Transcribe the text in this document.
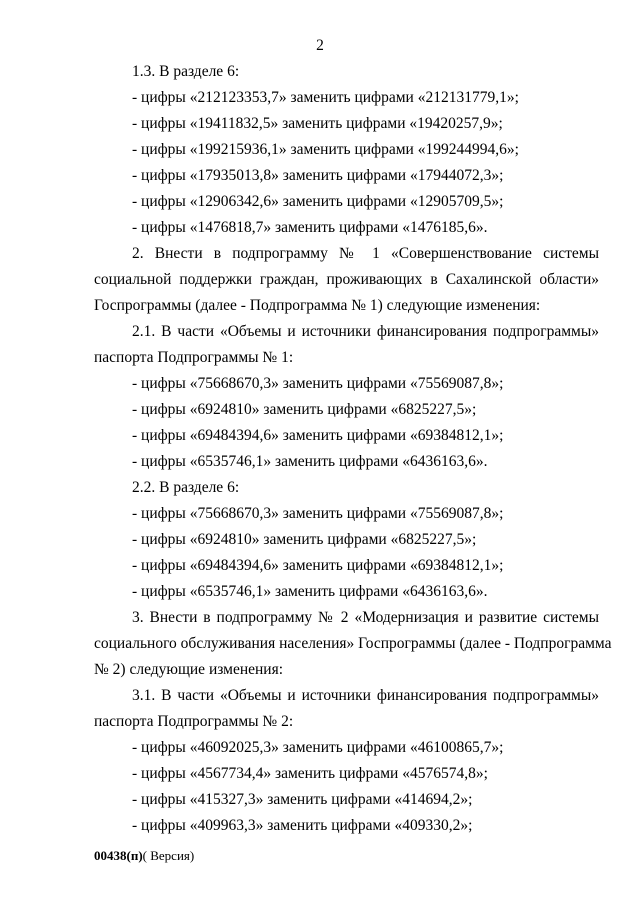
2
1.3. В разделе 6:
- цифры «212123353,7» заменить цифрами «212131779,1»;
- цифры «19411832,5» заменить цифрами «19420257,9»;
- цифры «199215936,1» заменить цифрами «199244994,6»;
- цифры «17935013,8» заменить цифрами «17944072,3»;
- цифры «12906342,6» заменить цифрами «12905709,5»;
- цифры «1476818,7» заменить цифрами «1476185,6».
2. Внести в подпрограмму № 1 «Совершенствование системы
социальной поддержки граждан, проживающих в Сахалинской области»
Госпрограммы (далее - Подпрограмма № 1) следующие изменения:
2.1. В части «Объемы и источники финансирования подпрограммы»
паспорта Подпрограммы № 1:
- цифры «75668670,3» заменить цифрами «75569087,8»;
- цифры «6924810» заменить цифрами «6825227,5»;
- цифры «69484394,6» заменить цифрами «69384812,1»;
- цифры «6535746,1» заменить цифрами «6436163,6».
2.2. В разделе 6:
- цифры «75668670,3» заменить цифрами «75569087,8»;
- цифры «6924810» заменить цифрами «6825227,5»;
- цифры «69484394,6» заменить цифрами «69384812,1»;
- цифры «6535746,1» заменить цифрами «6436163,6».
3. Внести в подпрограмму № 2 «Модернизация и развитие системы
социального обслуживания населения» Госпрограммы (далее - Подпрограмма
№ 2) следующие изменения:
3.1. В части «Объемы и источники финансирования подпрограммы»
паспорта Подпрограммы № 2:
- цифры «46092025,3» заменить цифрами «46100865,7»;
- цифры «4567734,4» заменить цифрами «4576574,8»;
- цифры «415327,3» заменить цифрами «414694,2»;
- цифры «409963,3» заменить цифрами «409330,2»;
00438(п)( Версия)
